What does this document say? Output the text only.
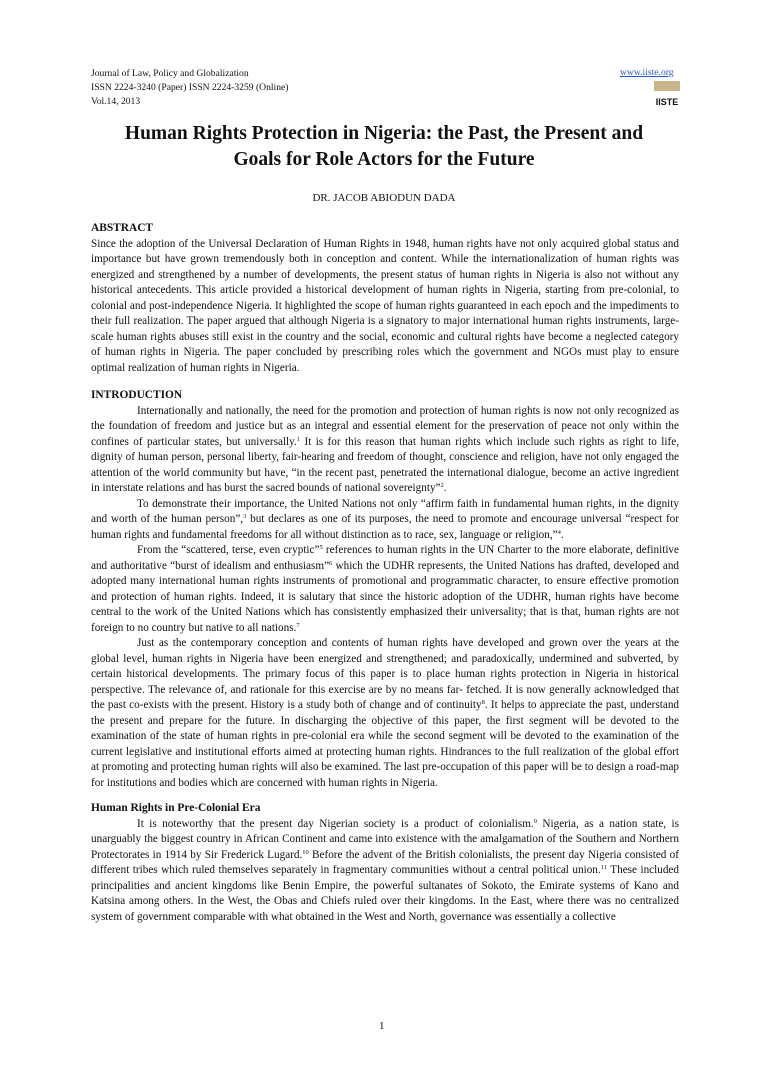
Journal of Law, Policy and Globalization
ISSN 2224-3240 (Paper) ISSN 2224-3259 (Online)
Vol.14, 2013
www.iiste.org
IISTE
Human Rights Protection in Nigeria: the Past, the Present and
Goals for Role Actors for the Future
DR. JACOB ABIODUN DADA

ABSTRACT

Since the adoption of the Universal Declaration of Human Rights in 1948, human rights have not only acquired global status and importance but have grown tremendously both in conception and content. While the internationalization of human rights was energized and strengthened by a number of developments, the present status of human rights in Nigeria is also not without any historical antecedents. This article provided a historical development of human rights in Nigeria, starting from pre-colonial, to colonial and post-independence Nigeria. It highlighted the scope of human rights guaranteed in each epoch and the impediments to their full realization. The paper argued that although Nigeria is a signatory to major international human rights instruments, large-scale human rights abuses still exist in the country and the social, economic and cultural rights have become a neglected category of human rights in Nigeria. The paper concluded by prescribing roles which the government and NGOs must play to ensure optimal realization of human rights in Nigeria.

INTRODUCTION

Internationally and nationally, the need for the promotion and protection of human rights is now not only recognized as the foundation of freedom and justice but as an integral and essential element for the preservation of peace not only within the confines of particular states, but universally.$^1$ It is for this reason that human rights which include such rights as right to life, dignity of human person, personal liberty, fair-hearing and freedom of thought, conscience and religion, have not only engaged the attention of the world community but have, “in the recent past, penetrated the international dialogue, become an active ingredient in interstate relations and has burst the sacred bounds of national sovereignty”$^2$.

To demonstrate their importance, the United Nations not only “affirm faith in fundamental human rights, in the dignity and worth of the human person”,$^3$ but declares as one of its purposes, the need to promote and encourage universal “respect for human rights and fundamental freedoms for all without distinction as to race, sex, language or religion,”$^4$.

From the “scattered, terse, even cryptic”$^5$ references to human rights in the UN Charter to the more elaborate, definitive and authoritative “burst of idealism and enthusiasm”$^6$ which the UDHR represents, the United Nations has drafted, developed and adopted many international human rights instruments of promotional and programmatic character, to ensure effective promotion and protection of human rights. Indeed, it is salutary that since the historic adoption of the UDHR, human rights have become central to the work of the United Nations which has consistently emphasized their universality; that is that, human rights are not foreign to no country but native to all nations.$^7$

Just as the contemporary conception and contents of human rights have developed and grown over the years at the global level, human rights in Nigeria have been energized and strengthened; and paradoxically, undermined and subverted, by certain historical developments. The primary focus of this paper is to place human rights protection in Nigeria in historical perspective. The relevance of, and rationale for this exercise are by no means far- fetched. It is now generally acknowledged that the past co-exists with the present. History is a study both of change and of continuity$^8$. It helps to appreciate the past, understand the present and prepare for the future. In discharging the objective of this paper, the first segment will be devoted to the examination of the state of human rights in pre-colonial era while the second segment will be devoted to the examination of the current legislative and institutional efforts aimed at protecting human rights. Hindrances to the full realization of the global effort at promoting and protecting human rights will also be examined. The last pre-occupation of this paper will be to design a road-map for institutions and bodies which are concerned with human rights in Nigeria.

Human Rights in Pre-Colonial Era

It is noteworthy that the present day Nigerian society is a product of colonialism.$^9$ Nigeria, as a nation state, is unarguably the biggest country in African Continent and came into existence with the amalgamation of the Southern and Northern Protectorates in 1914 by Sir Frederick Lugard.$^{10}$ Before the advent of the British colonialists, the present day Nigeria consisted of different tribes which ruled themselves separately in fragmentary communities without a central political union.$^{11}$ These included principalities and ancient kingdoms like Benin Empire, the powerful sultanates of Sokoto, the Emirate systems of Kano and Katsina among others. In the West, the Obas and Chiefs ruled over their kingdoms. In the East, where there was no centralized system of government comparable with what obtained in the West and North, governance was essentially a collective

1
